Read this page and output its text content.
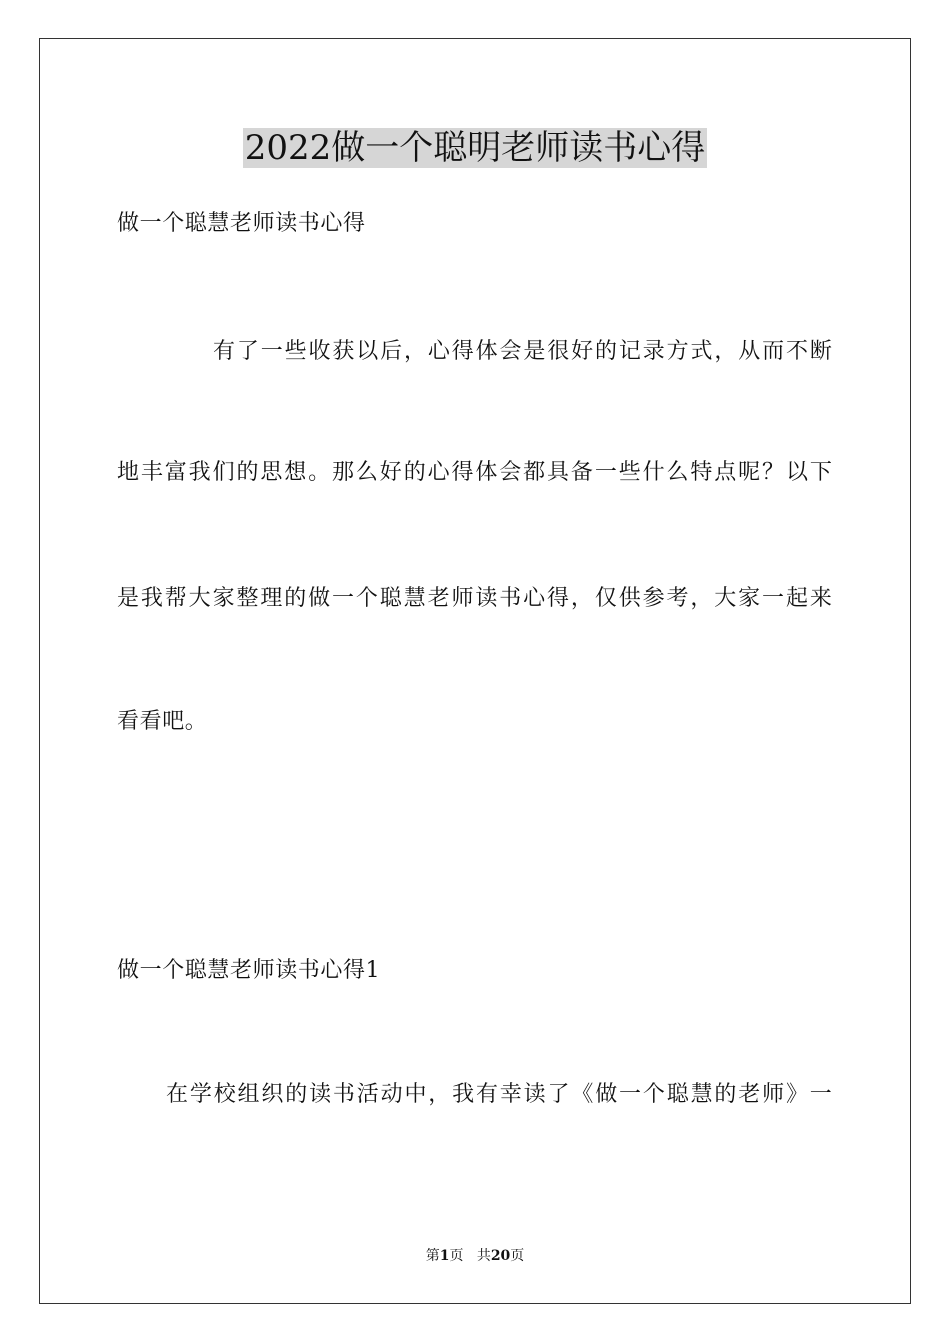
2022做一个聪明老师读书心得
做一个聪慧老师读书心得
有 了 一 些 收 获 以 后 ， 心 得 体 会 是 很 好 的 记 录 方 式 ， 从 而 不 断
地 丰 富 我 们 的 思 想 。 那 么 好 的 心 得 体 会 都 具 备 一 些 什 么 特 点 呢 ？ 以 下
是 我 帮 大 家 整 理 的 做 一 个 聪 慧 老 师 读 书 心 得 ， 仅 供 参 考 ， 大 家 一 起 来
看看吧。
做一个聪慧老师读书心得1
在 学 校 组 织 的 读 书 活 动 中 ， 我 有 幸 读 了 《 做 一 个 聪 慧 的 老 师 》 一
第1页 共20页
